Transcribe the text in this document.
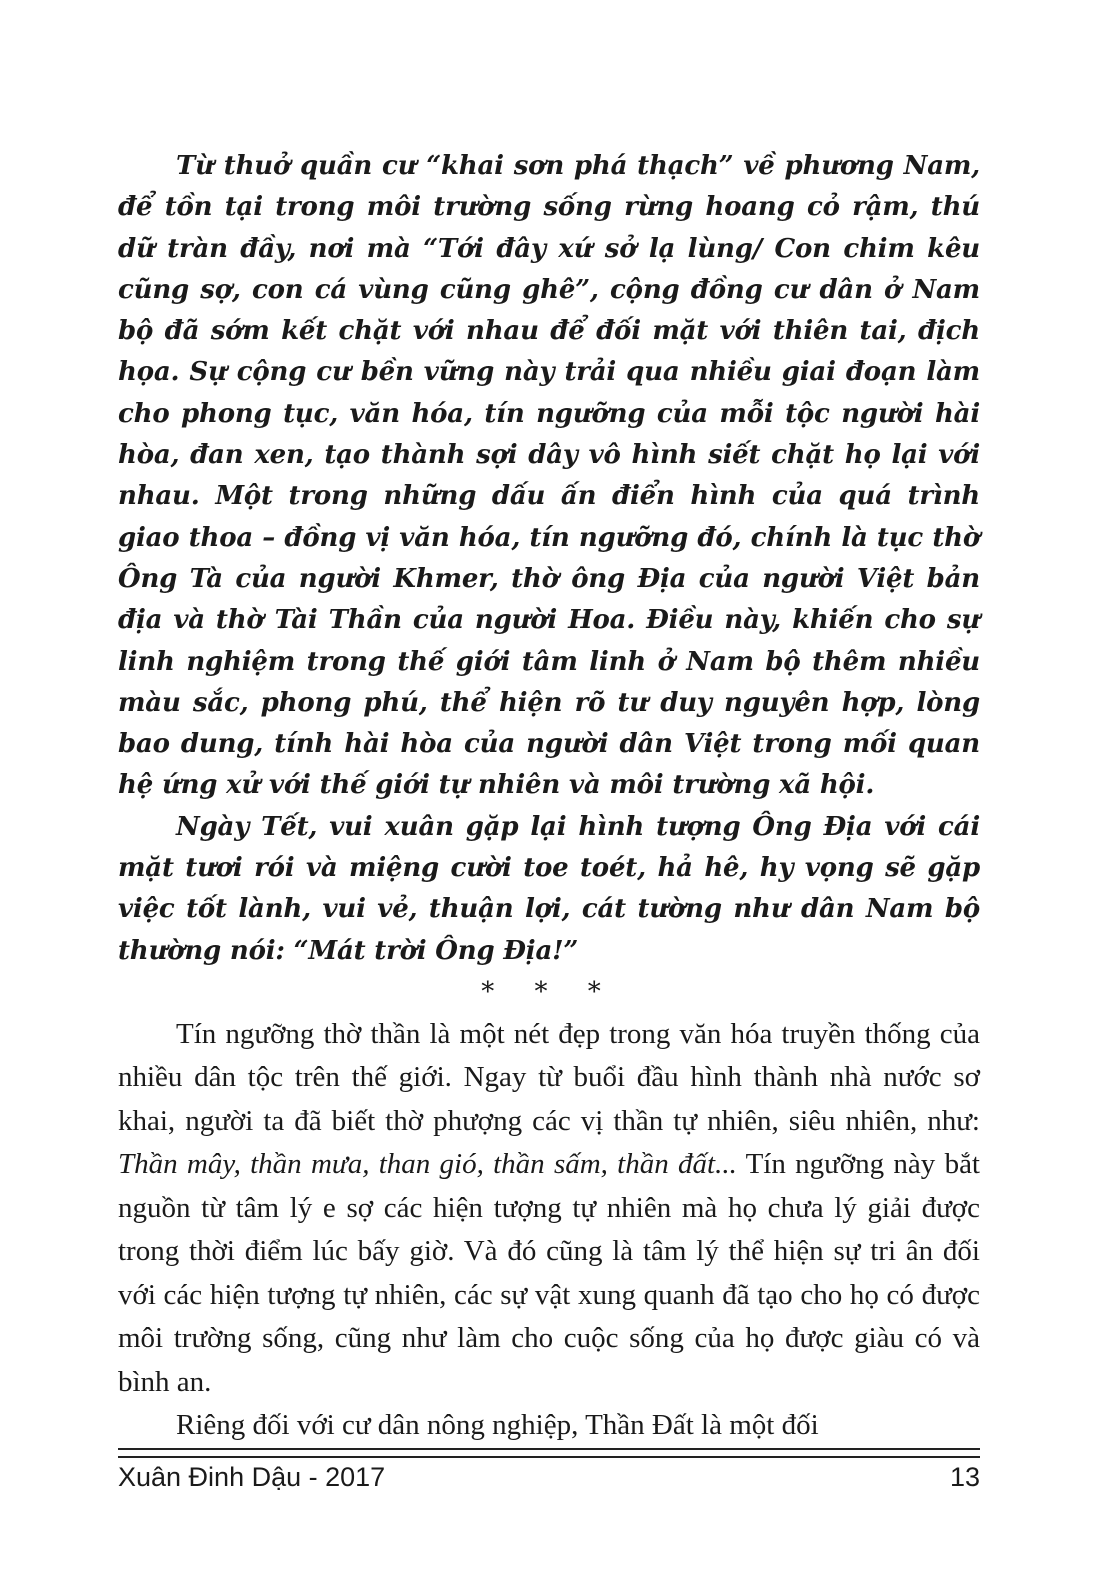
Từ thuở quần cư “khai sơn phá thạch” về phương Nam, để tồn tại trong môi trường sống rừng hoang cỏ rậm, thú dữ tràn đầy, nơi mà “Tới đây xứ sở lạ lùng/ Con chim kêu cũng sợ, con cá vùng cũng ghê”, cộng đồng cư dân ở Nam bộ đã sớm kết chặt với nhau để đối mặt với thiên tai, địch họa. Sự cộng cư bền vững này trải qua nhiều giai đoạn làm cho phong tục, văn hóa, tín ngưỡng của mỗi tộc người hài hòa, đan xen, tạo thành sợi dây vô hình siết chặt họ lại với nhau. Một trong những dấu ấn điển hình của quá trình giao thoa – đồng vị văn hóa, tín ngưỡng đó, chính là tục thờ Ông Tà của người Khmer, thờ ông Địa của người Việt bản địa và thờ Tài Thần của người Hoa. Điều này, khiến cho sự linh nghiệm trong thế giới tâm linh ở Nam bộ thêm nhiều màu sắc, phong phú, thể hiện rõ tư duy nguyên hợp, lòng bao dung, tính hài hòa của người dân Việt trong mối quan hệ ứng xử với thế giới tự nhiên và môi trường xã hội.

Ngày Tết, vui xuân gặp lại hình tượng Ông Địa với cái mặt tươi rói và miệng cười toe toét, hả hê, hy vọng sẽ gặp việc tốt lành, vui vẻ, thuận lợi, cát tường như dân Nam bộ thường nói: “Mát trời Ông Địa!”

* * *

Tín ngưỡng thờ thần là một nét đẹp trong văn hóa truyền thống của nhiều dân tộc trên thế giới. Ngay từ buổi đầu hình thành nhà nước sơ khai, người ta đã biết thờ phượng các vị thần tự nhiên, siêu nhiên, như: Thần mây, thần mưa, than gió, thần sấm, thần đất... Tín ngưỡng này bắt nguồn từ tâm lý e sợ các hiện tượng tự nhiên mà họ chưa lý giải được trong thời điểm lúc bấy giờ. Và đó cũng là tâm lý thể hiện sự tri ân đối với các hiện tượng tự nhiên, các sự vật xung quanh đã tạo cho họ có được môi trường sống, cũng như làm cho cuộc sống của họ được giàu có và bình an.

Riêng đối với cư dân nông nghiệp, Thần Đất là một đối

Xuân Đinh Dậu - 2017	13
